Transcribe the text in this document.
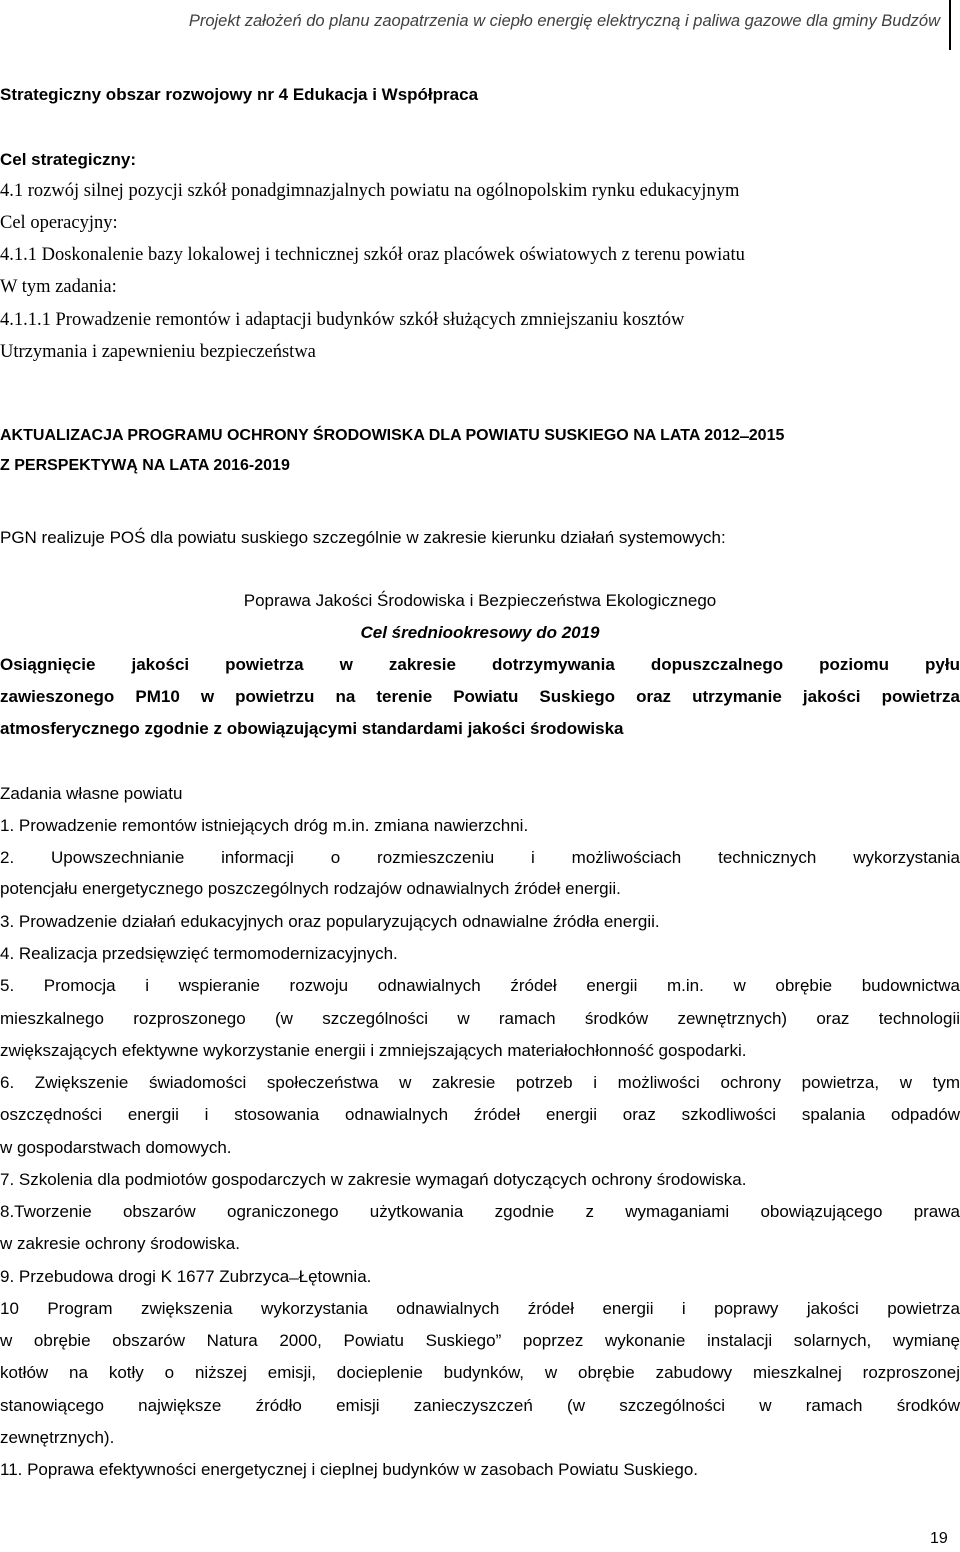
Projekt założeń do planu zaopatrzenia w ciepło energię elektryczną i paliwa gazowe dla gminy Budzów
Strategiczny obszar rozwojowy nr 4 Edukacja i Współpraca
Cel strategiczny:
4.1 rozwój silnej pozycji szkół ponadgimnazjalnych powiatu na ogólnopolskim rynku edukacyjnym
Cel operacyjny:
4.1.1 Doskonalenie bazy lokalowej i technicznej szkół oraz placówek oświatowych z terenu powiatu
W tym zadania:
4.1.1.1 Prowadzenie remontów i adaptacji budynków szkół służących zmniejszaniu kosztów
Utrzymania i zapewnieniu bezpieczeństwa
AKTUALIZACJA PROGRAMU OCHRONY ŚRODOWISKA DLA POWIATU SUSKIEGO NA LATA 2012 ̶ 2015
Z PERSPEKTYWĄ NA LATA 2016-2019
PGN realizuje POŚ dla powiatu suskiego szczególnie w zakresie kierunku działań systemowych:
Poprawa Jakości Środowiska i Bezpieczeństwa Ekologicznego
Cel średniookresowy do 2019
Osiągnięcie jakości powietrza w zakresie dotrzymywania dopuszczalnego poziomu pyłu
zawieszonego PM10 w powietrzu na terenie Powiatu Suskiego oraz utrzymanie jakości powietrza
atmosferycznego zgodnie z obowiązującymi standardami jakości środowiska
Zadania własne powiatu
1. Prowadzenie remontów istniejących dróg m.in. zmiana nawierzchni.
2. Upowszechnianie informacji o rozmieszczeniu i możliwościach technicznych wykorzystania
potencjału energetycznego poszczególnych rodzajów odnawialnych źródeł energii.
3. Prowadzenie działań edukacyjnych oraz popularyzujących odnawialne źródła energii.
4. Realizacja przedsięwzięć termomodernizacyjnych.
5. Promocja i wspieranie rozwoju odnawialnych źródeł energii m.in. w obrębie budownictwa
mieszkalnego rozproszonego (w szczególności w ramach środków zewnętrznych) oraz technologii
zwiększających efektywne wykorzystanie energii i zmniejszających materiałochłonność gospodarki.
6. Zwiększenie świadomości społeczeństwa w zakresie potrzeb i możliwości ochrony powietrza, w tym
oszczędności energii i stosowania odnawialnych źródeł energii oraz szkodliwości spalania odpadów
w gospodarstwach domowych.
7. Szkolenia dla podmiotów gospodarczych w zakresie wymagań dotyczących ochrony środowiska.
8.Tworzenie obszarów ograniczonego użytkowania zgodnie z wymaganiami obowiązującego prawa
w zakresie ochrony środowiska.
9. Przebudowa drogi K 1677 Zubrzyca ̶ Łętownia.
10 Program zwiększenia wykorzystania odnawialnych źródeł energii i poprawy jakości powietrza
w obrębie obszarów Natura 2000, Powiatu Suskiego” poprzez wykonanie instalacji solarnych, wymianę
kotłów na kotły o niższej emisji, docieplenie budynków, w obrębie zabudowy mieszkalnej rozproszonej
stanowiącego największe źródło emisji zanieczyszczeń (w szczególności w ramach środków
zewnętrznych).
11. Poprawa efektywności energetycznej i cieplnej budynków w zasobach Powiatu Suskiego.
19
